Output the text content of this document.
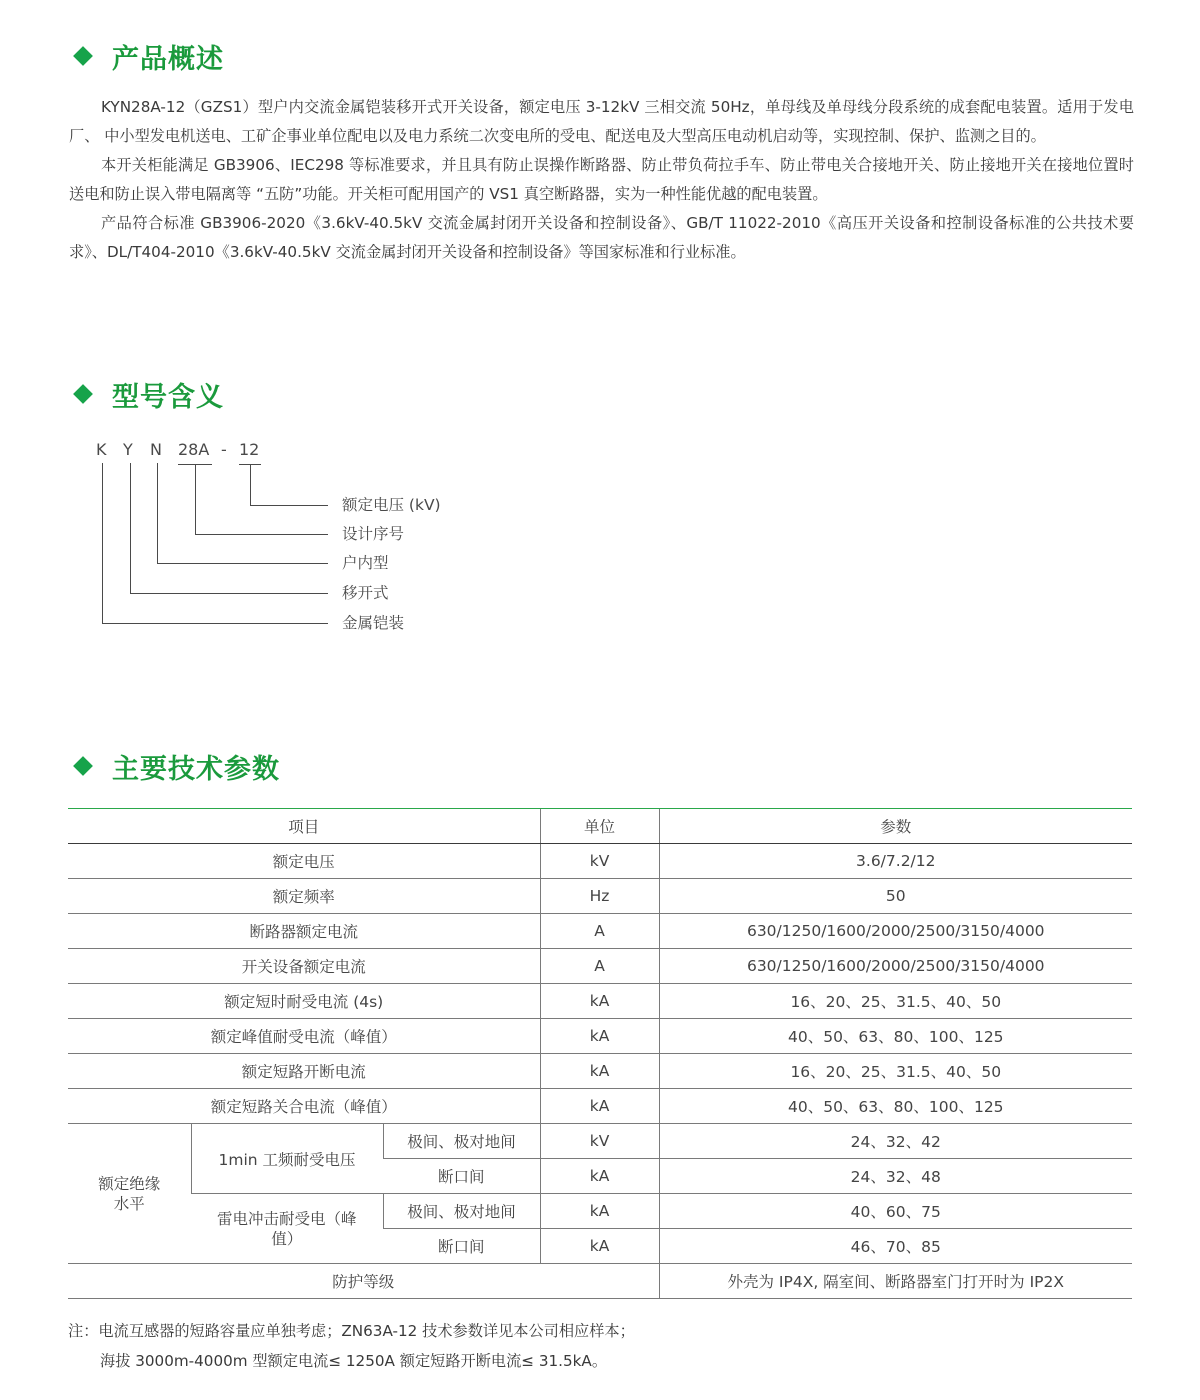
产品概述

KYN28A-12（GZS1）型户内交流金属铠装移开式开关设备，额定电压 3-12kV 三相交流 50Hz，单母线及单母线分段系统的成套配电装置。适用于发电厂、 中小型发电机送电、工矿企事业单位配电以及电力系统二次变电所的受电、配送电及大型高压电动机启动等，实现控制、保护、监测之目的。

本开关柜能满足 GB3906、IEC298 等标准要求，并且具有防止误操作断路器、防止带负荷拉手车、防止带电关合接地开关、防止接地开关在接地位置时送电和防止误入带电隔离等 “五防”功能。开关柜可配用国产的 VS1 真空断路器，实为一种性能优越的配电装置。

产品符合标准 GB3906-2020《3.6kV-40.5kV 交流金属封闭开关设备和控制设备》、GB/T 11022-2010《高压开关设备和控制设备标准的公共技术要求》、DL/T404-2010《3.6kV-40.5kV 交流金属封闭开关设备和控制设备》等国家标准和行业标准。

型号含义
K Y N 28A - 12
额定电压 (kV)
设计序号
户内型
移开式
金属铠装
主要技术参数
项目			单位	参数
额定电压			kV	3.6/7.2/12
额定频率			Hz	50
断路器额定电流			A	630/1250/1600/2000/2500/3150/4000
开关设备额定电流			A	630/1250/1600/2000/2500/3150/4000
额定短时耐受电流 (4s)			kA	16、20、25、31.5、40、50
额定峰值耐受电流（峰值）			kA	40、50、63、80、100、125
额定短路开断电流			kA	16、20、25、31.5、40、50
额定短路关合电流（峰值）			kA	40、50、63、80、100、125

额定绝缘水平	1min 工频耐受电压	极间、极对地间	kV	24、32、42
		断口间	kA	24、32、48

	雷电冲击耐受电（峰值）	极间、极对地间	kA	40、60、75
		断口间	kA	46、70、85
防护等级				外壳为 IP4X, 隔室间、断路器室门打开时为 IP2X
注：电流互感器的短路容量应单独考虑；ZN63A-12 技术参数详见本公司相应样本；
海拔 3000m-4000m 型额定电流≤ 1250A 额定短路开断电流≤ 31.5kA。
